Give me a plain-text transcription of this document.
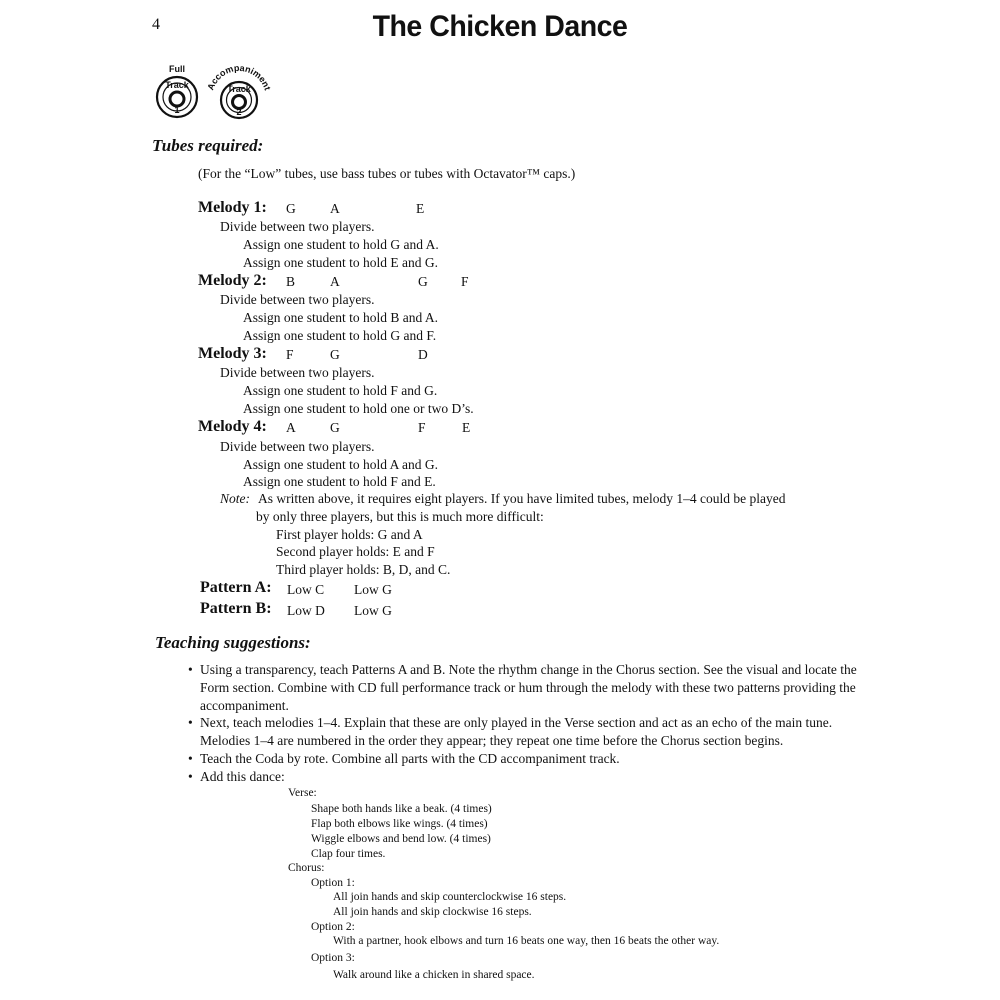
4	The Chicken Dance
Full
Track
1
Accompaniment
Track
2
Tubes required:
(For the “Low” tubes, use bass tubes or tubes with Octavator™ caps.)
Melody 1: G	A	E
Divide between two players.
Assign one student to hold G and A.
Assign one student to hold E and G.
Melody 2: B	A	G F
Divide between two players.
Assign one student to hold B and A.
Assign one student to hold G and F.
Melody 3: F	G	D
Divide between two players.
Assign one student to hold F and G.
Assign one student to hold one or two D’s.
Melody 4: A	G	F	E
Divide between two players.
Assign one student to hold A and G.
Assign one student to hold F and E.
Note: As written above, it requires eight players. If you have limited tubes, melody 1–4 could be played
by only three players, but this is much more difficult:
First player holds: G and A
Second player holds: E and F
Third player holds: B, D, and C.
Pattern A: Low C Low G
Pattern B: Low D Low G
Teaching suggestions:
• Using a transparency, teach Patterns A and B. Note the rhythm change in the Chorus section. See the visual and locate the Form section. Combine with CD full performance track or hum through the melody with these two patterns providing the accompaniment.
• Next, teach melodies 1–4. Explain that these are only played in the Verse section and act as an echo of the main tune. Melodies 1–4 are numbered in the order they appear; they repeat one time before the Chorus section begins.
• Teach the Coda by rote. Combine all parts with the CD accompaniment track.
• Add this dance:
Verse:
Shape both hands like a beak. (4 times)
Flap both elbows like wings. (4 times)
Wiggle elbows and bend low. (4 times)
Clap four times.
Chorus:
Option 1:
All join hands and skip counterclockwise 16 steps.
All join hands and skip clockwise 16 steps.
Option 2:
With a partner, hook elbows and turn 16 beats one way, then 16 beats the other way.
Option 3:
Walk around like a chicken in shared space.
